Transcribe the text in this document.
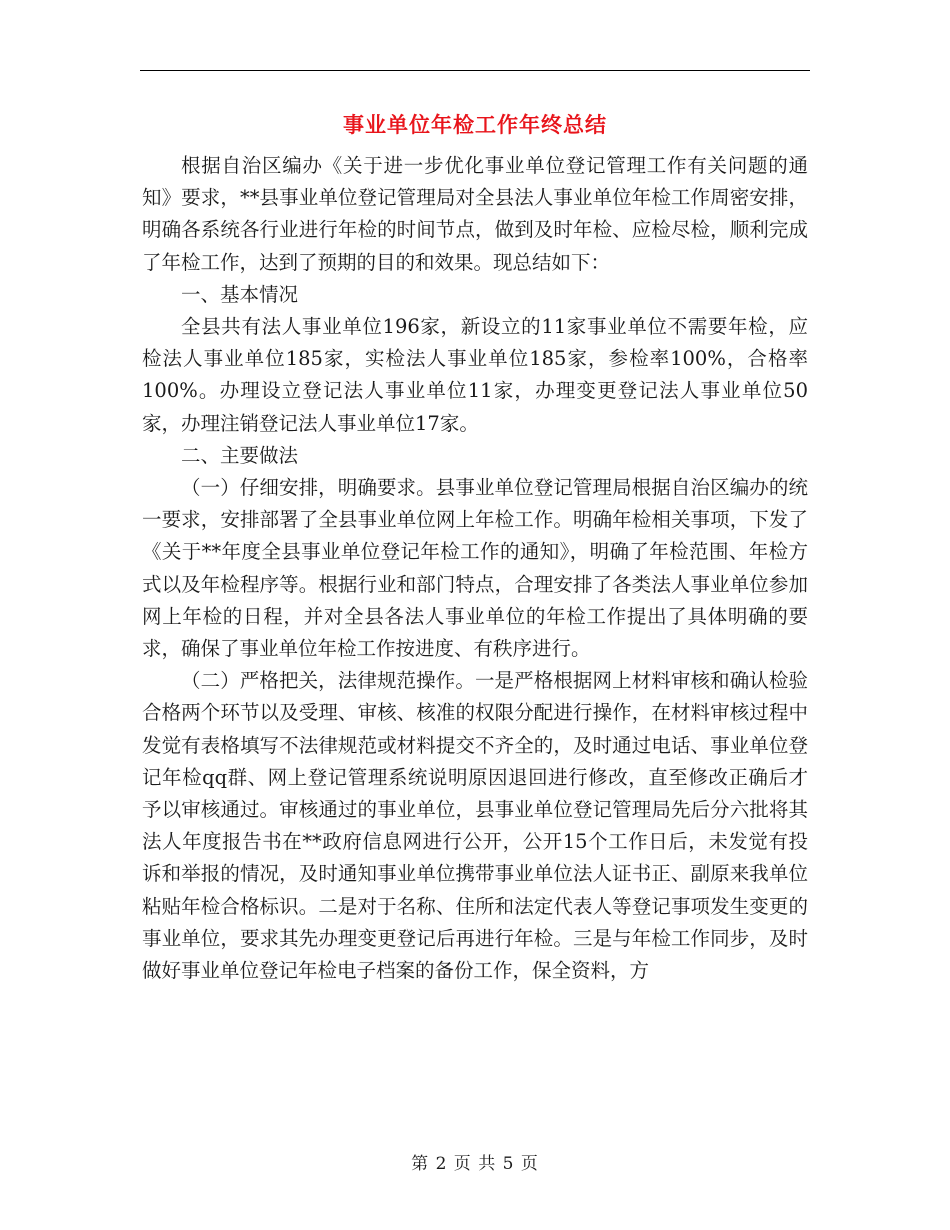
事业单位年检工作年终总结

根据自治区编办《关于进一步优化事业单位登记管理工作有关问题的通知》要求，**县事业单位登记管理局对全县法人事业单位年检工作周密安排，明确各系统各行业进行年检的时间节点，做到及时年检、应检尽检，顺利完成了年检工作，达到了预期的目的和效果。现总结如下：

一、基本情况

全县共有法人事业单位196家，新设立的11家事业单位不需要年检，应检法人事业单位185家，实检法人事业单位185家，参检率100%，合格率100%。办理设立登记法人事业单位11家，办理变更登记法人事业单位50家，办理注销登记法人事业单位17家。

二、主要做法

（一）仔细安排，明确要求。县事业单位登记管理局根据自治区编办的统一要求，安排部署了全县事业单位网上年检工作。明确年检相关事项，下发了《关于**年度全县事业单位登记年检工作的通知》，明确了年检范围、年检方式以及年检程序等。根据行业和部门特点，合理安排了各类法人事业单位参加网上年检的日程，并对全县各法人事业单位的年检工作提出了具体明确的要求，确保了事业单位年检工作按进度、有秩序进行。

（二）严格把关，法律规范操作。一是严格根据网上材料审核和确认检验合格两个环节以及受理、审核、核准的权限分配进行操作，在材料审核过程中发觉有表格填写不法律规范或材料提交不齐全的，及时通过电话、事业单位登记年检qq群、网上登记管理系统说明原因退回进行修改，直至修改正确后才予以审核通过。审核通过的事业单位，县事业单位登记管理局先后分六批将其法人年度报告书在**政府信息网进行公开，公开15个工作日后，未发觉有投诉和举报的情况，及时通知事业单位携带事业单位法人证书正、副原来我单位粘贴年检合格标识。二是对于名称、住所和法定代表人等登记事项发生变更的事业单位，要求其先办理变更登记后再进行年检。三是与年检工作同步，及时做好事业单位登记年检电子档案的备份工作，保全资料，方

第 2 页 共 5 页
